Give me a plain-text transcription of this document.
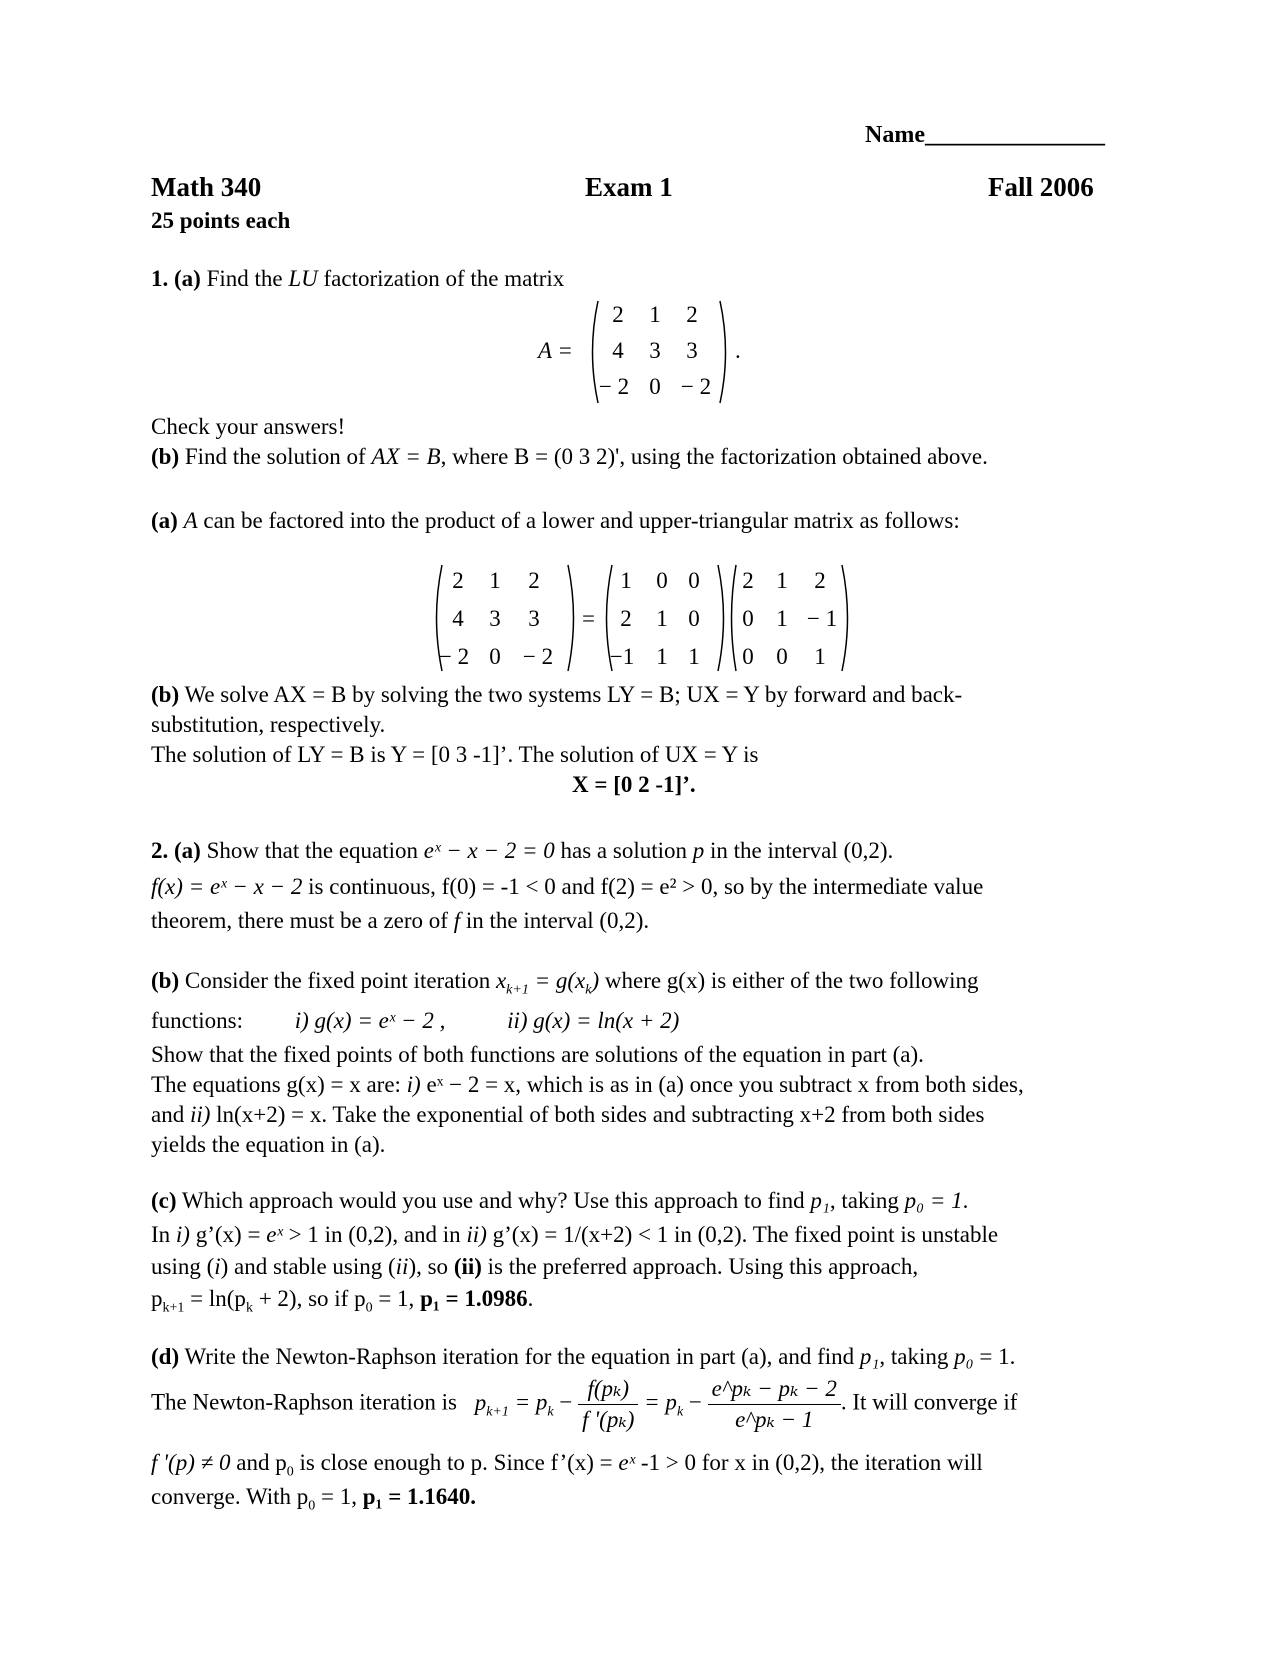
Name_______________
Math 340	Exam 1	Fall 2006
25 points each
1. (a) Find the LU factorization of the matrix
A =
2	1	2
4	3	3
− 2 0 − 2
.
Check your answers!
(b) Find the solution of AX = B, where B = (0 3 2)', using the factorization obtained above.
(a) A can be factored into the product of a lower and upper-triangular matrix as follows:
2	1	2
4	3	3
− 2 0 − 2
=
1	0 0
2	1 0
−1 1 1
2 1	2
0 1 − 1
0 0	1
(b) We solve AX = B by solving the two systems LY = B; UX = Y by forward and back-
substitution, respectively.
The solution of LY = B is Y = [0 3 -1]’. The solution of UX = Y is
X = [0 2 -1]’.
2. (a) Show that the equation eˣ − x − 2 = 0 has a solution p in the interval (0,2).
f(x) = eˣ − x − 2 is continuous, f(0) = -1 < 0 and f(2) = e² > 0, so by the intermediate value
theorem, there must be a zero of f in the interval (0,2).
(b) Consider the fixed point iteration $x_{k+1} = g(x_k)$ where g(x) is either of the two following
functions: i) g(x) = eˣ − 2 ,	ii) g(x) = ln(x + 2)
Show that the fixed points of both functions are solutions of the equation in part (a).
The equations g(x) = x are: i) eˣ − 2 = x, which is as in (a) once you subtract x from both sides,
and ii) ln(x+2) = x. Take the exponential of both sides and subtracting x+2 from both sides
yields the equation in (a).
(c) Which approach would you use and why? Use this approach to find p₁, taking p₀ = 1.
In i) g’(x) = eˣ > 1 in (0,2), and in ii) g’(x) = 1/(x+2) < 1 in (0,2). The fixed point is unstable
using (i) and stable using (ii), so (ii) is the preferred approach. Using this approach,
$p_{k+1} = \ln(p_k + 2)$, so if $p_0 = 1$, p₁ = 1.0986.
(d) Write the Newton-Raphson iteration for the equation in part (a), and find p₁, taking p₀ = 1.
The Newton-Raphson iteration is $p_{k+1} = p_k - \frac{\text{f(pₖ)}}{\text{f '(pₖ)}} = p_k - \frac{\text{e\textasciicircum{}pₖ − pₖ − 2}}{\text{e\textasciicircum{}pₖ − 1}}$ . It will converge if
f '(p) ≠ 0 and $p_0$ is close enough to p. Since f’(x) = eˣ -1 > 0 for x in (0,2), the iteration will
converge. With $p_0 = 1$, p₁ = 1.1640.
